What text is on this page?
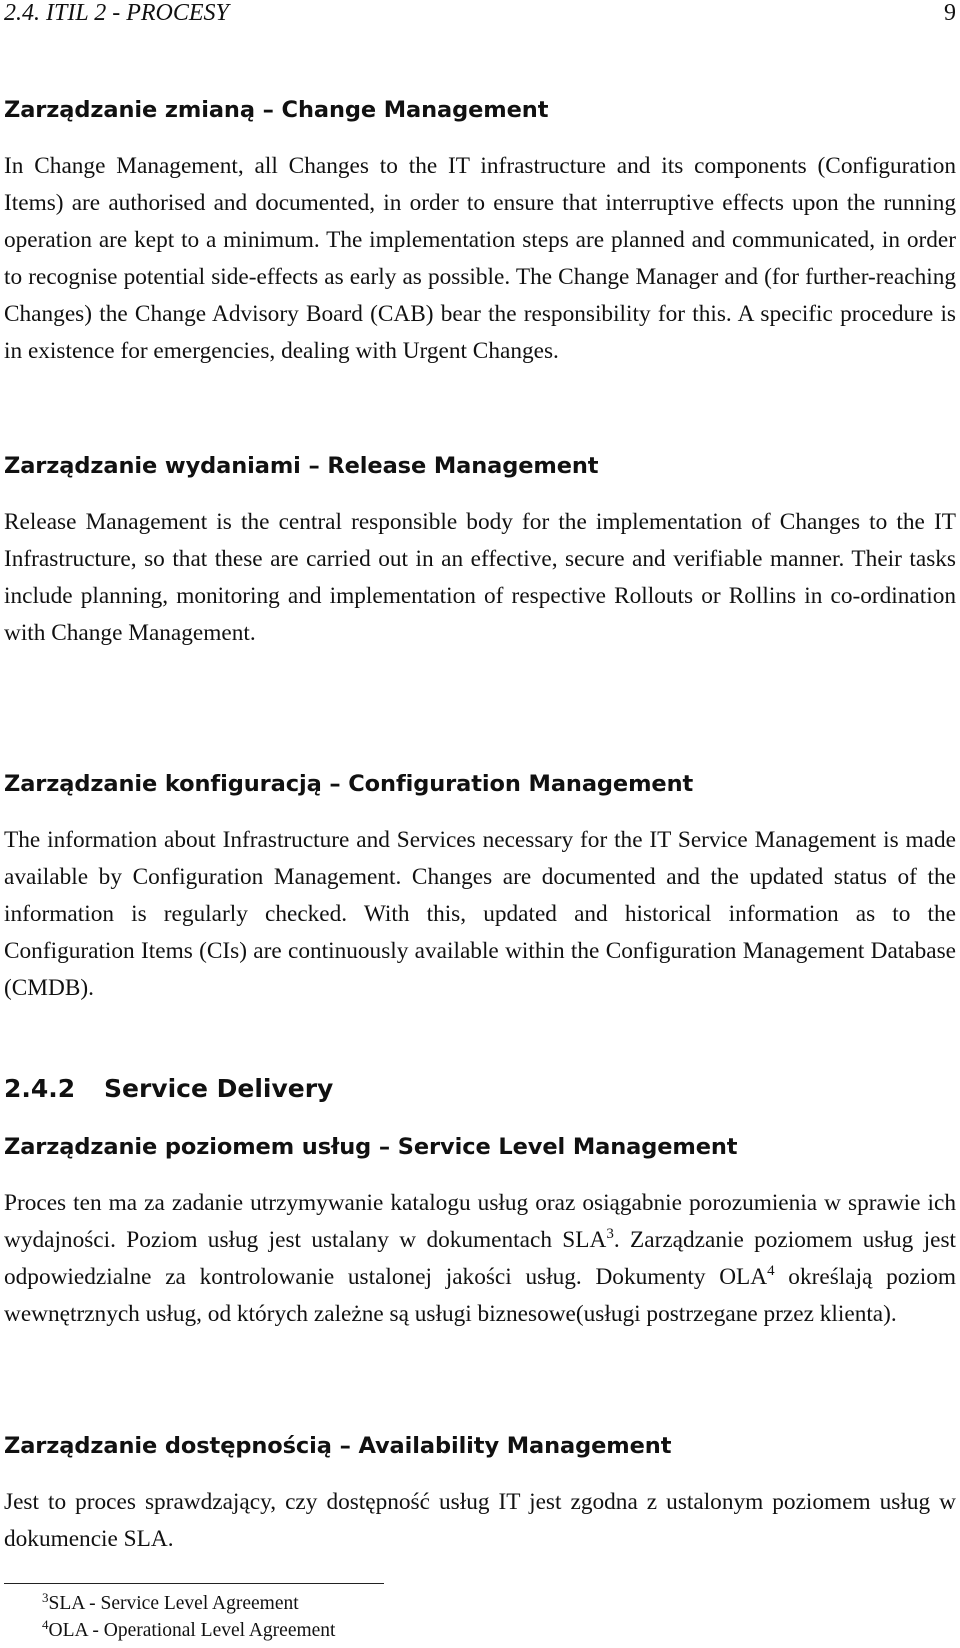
2.4. ITIL 2 - PROCESY	9
Zarządzanie zmianą – Change Management

In Change Management, all Changes to the IT infrastructure and its components (Configuration Items) are authorised and documented, in order to ensure that interruptive effects upon the running operation are kept to a minimum. The implementation steps are planned and communicated, in order to recognise potential side-effects as early as possible. The Change Manager and (for further-reaching Changes) the Change Advisory Board (CAB) bear the responsibility for this. A specific procedure is in existence for emergencies, dealing with Urgent Changes.

Zarządzanie wydaniami – Release Management

Release Management is the central responsible body for the implementation of Changes to the IT Infrastructure, so that these are carried out in an effective, secure and verifiable manner. Their tasks include planning, monitoring and implementation of respective Rollouts or Rollins in co-ordination with Change Management.

Zarządzanie konfiguracją – Configuration Management

The information about Infrastructure and Services necessary for the IT Service Management is made available by Configuration Management. Changes are documented and the updated status of the information is regularly checked. With this, updated and historical information as to the Configuration Items (CIs) are continuously available within the Configuration Management Database (CMDB).

2.4.2 Service Delivery
Zarządzanie poziomem usług – Service Level Management

Proces ten ma za zadanie utrzymywanie katalogu usług oraz osiągabnie porozumienia w sprawie ich wydajności. Poziom usług jest ustalany w dokumentach SLA$^3$. Zarządzanie poziomem usług jest odpowiedzialne za kontrolowanie ustalonej jakości usług. Dokumenty OLA$^4$ określają poziom wewnętrznych usług, od których zależne są usługi biznesowe(usługi postrzegane przez klienta).

Zarządzanie dostępnością – Availability Management

Jest to proces sprawdzający, czy dostępność usług IT jest zgodna z ustalonym poziomem usług w dokumencie SLA.

$^3$SLA - Service Level Agreement
$^4$OLA - Operational Level Agreement
